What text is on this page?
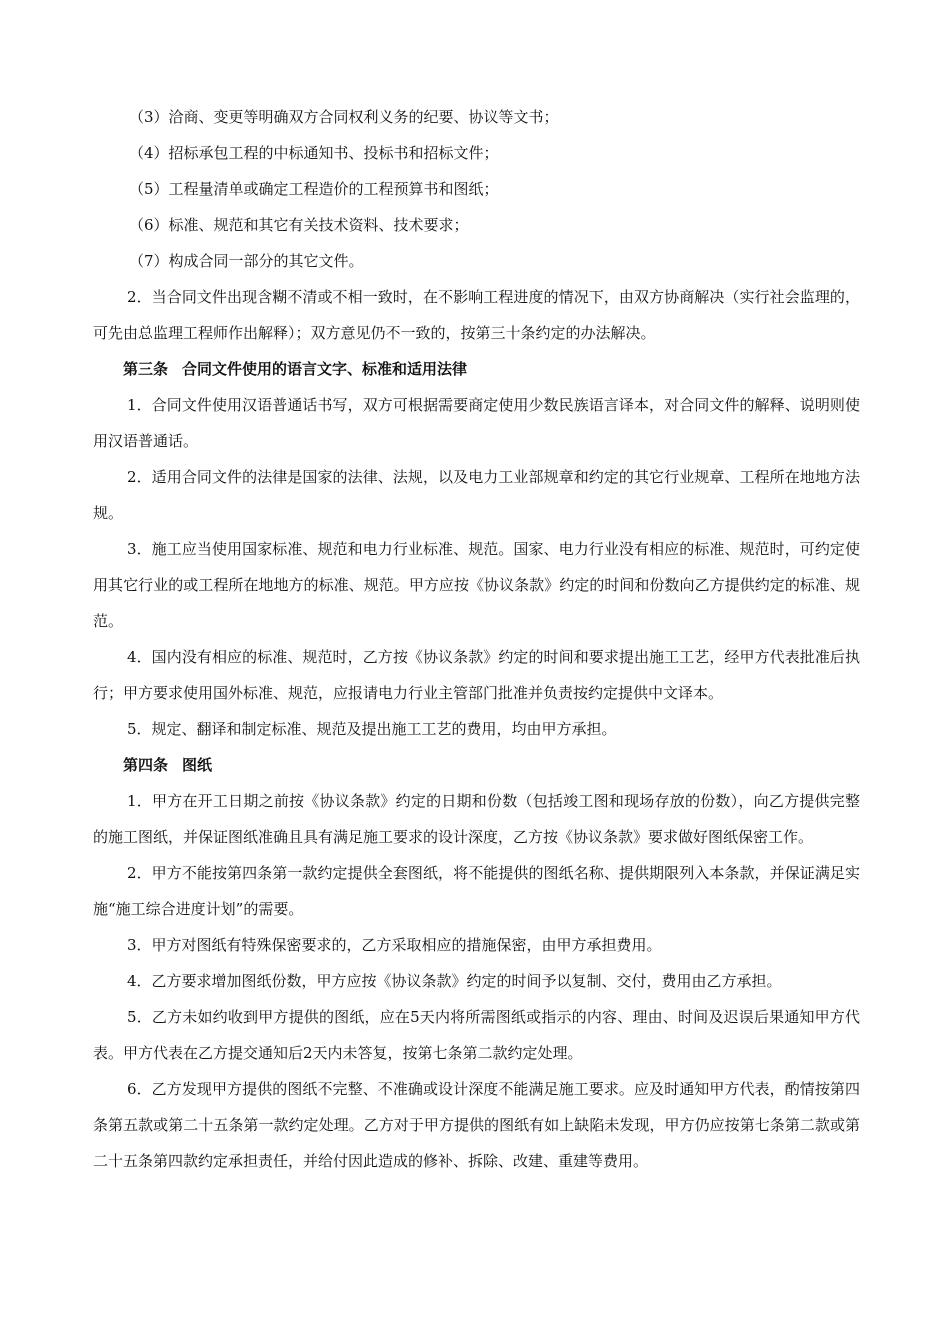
（3）洽商、变更等明确双方合同权利义务的纪要、协议等文书；

（4）招标承包工程的中标通知书、投标书和招标文件；

（5）工程量清单或确定工程造价的工程预算书和图纸；

（6）标准、规范和其它有关技术资料、技术要求；

（7）构成合同一部分的其它文件。

2．当合同文件出现含糊不清或不相一致时，在不影响工程进度的情况下，由双方协商解决（实行社会监理的，可先由总监理工程师作出解释）；双方意见仍不一致的，按第三十条约定的办法解决。

第三条 合同文件使用的语言文字、标准和适用法律

1．合同文件使用汉语普通话书写，双方可根据需要商定使用少数民族语言译本，对合同文件的解释、说明则使用汉语普通话。

2．适用合同文件的法律是国家的法律、法规，以及电力工业部规章和约定的其它行业规章、工程所在地地方法规。

3．施工应当使用国家标准、规范和电力行业标准、规范。国家、电力行业没有相应的标准、规范时，可约定使用其它行业的或工程所在地地方的标准、规范。甲方应按《协议条款》约定的时间和份数向乙方提供约定的标准、规范。

4．国内没有相应的标准、规范时，乙方按《协议条款》约定的时间和要求提出施工工艺，经甲方代表批准后执行；甲方要求使用国外标准、规范，应报请电力行业主管部门批准并负责按约定提供中文译本。

5．规定、翻译和制定标准、规范及提出施工工艺的费用，均由甲方承担。

第四条 图纸

1．甲方在开工日期之前按《协议条款》约定的日期和份数（包括竣工图和现场存放的份数），向乙方提供完整的施工图纸，并保证图纸准确且具有满足施工要求的设计深度，乙方按《协议条款》要求做好图纸保密工作。

2．甲方不能按第四条第一款约定提供全套图纸，将不能提供的图纸名称、提供期限列入本条款，并保证满足实施“施工综合进度计划”的需要。

3．甲方对图纸有特殊保密要求的，乙方采取相应的措施保密，由甲方承担费用。

4．乙方要求增加图纸份数，甲方应按《协议条款》约定的时间予以复制、交付，费用由乙方承担。

5．乙方未如约收到甲方提供的图纸，应在5天内将所需图纸或指示的内容、理由、时间及迟误后果通知甲方代表。甲方代表在乙方提交通知后2天内未答复，按第七条第二款约定处理。

6．乙方发现甲方提供的图纸不完整、不准确或设计深度不能满足施工要求。应及时通知甲方代表，酌情按第四条第五款或第二十五条第一款约定处理。乙方对于甲方提供的图纸有如上缺陷未发现，甲方仍应按第七条第二款或第二十五条第四款约定承担责任，并给付因此造成的修补、拆除、改建、重建等费用。
